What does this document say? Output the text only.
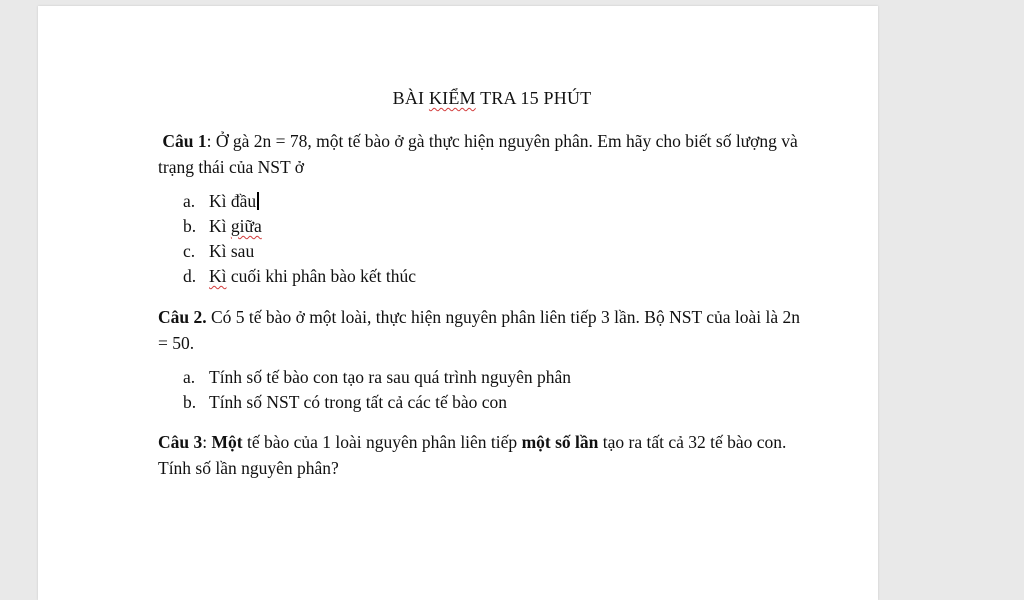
BÀI KIỂM TRA 15 PHÚT
Câu 1: Ở gà 2n = 78, một tế bào ở gà thực hiện nguyên phân. Em hãy cho biết số lượng và trạng thái của NST ở
a. Kì đầu
b. Kì giữa
c. Kì sau
d. Kì cuối khi phân bào kết thúc
Câu 2. Có 5 tế bào ở một loài, thực hiện nguyên phân liên tiếp 3 lần. Bộ NST của loài là 2n = 50.
a. Tính số tế bào con tạo ra sau quá trình nguyên phân
b. Tính số NST có trong tất cả các tế bào con
Câu 3: Một tế bào của 1 loài nguyên phân liên tiếp một số lần tạo ra tất cả 32 tế bào con. Tính số lần nguyên phân?
